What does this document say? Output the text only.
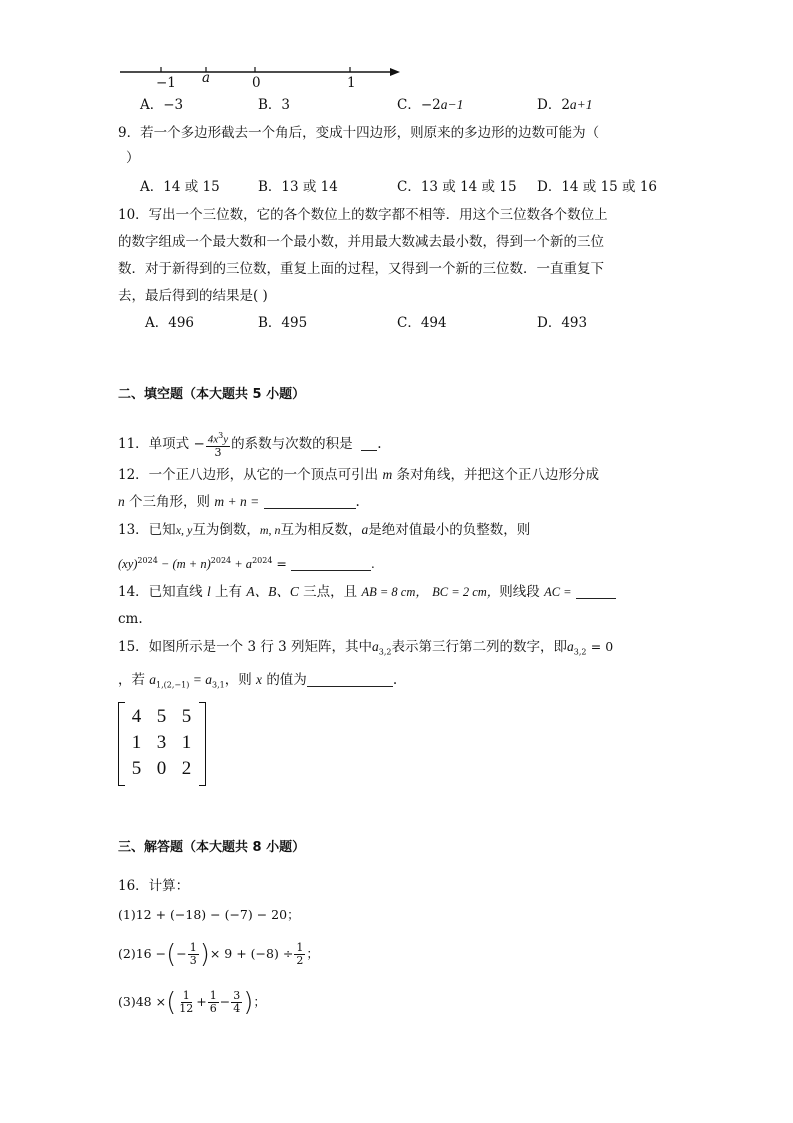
−1 a	0	1
A．−3	B．3	C．−2a−1	D．2a+1
9．若一个多边形截去一个角后，变成十四边形，则原来的多边形的边数可能为（
）
A．14 或 15	B．13 或 14	C．13 或 14 或 15 D．14 或 15 或 16
10．写出一个三位数，它的各个数位上的数字都不相等．用这个三位数各个数位上
的数字组成一个最大数和一个最小数，并用最大数减去最小数，得到一个新的三位
数．对于新得到的三位数，重复上面的过程，又得到一个新的三位数．一直重复下
去，最后得到的结果是( )
A．496	B．495	C．494	D．493
二、填空题（本大题共 5 小题）
11．单项式 − $\frac{4x^3y}{3}$ 的系数与次数的积是 .
12．一个正八边形，从它的一个顶点可引出 m 条对角线，并把这个正八边形分成
n 个三角形，则 m + n =	.
13．已知x, y互为倒数，m, n互为相反数，a是绝对值最小的负整数，则
$(xy)^{2024} - (m + n)^{2024} + a^{2024}$ =	.
14．已知直线 l 上有 A、B、C 三点，且 AB = 8 cm， BC = 2 cm，则线段 AC =
cm.
15．如图所示是一个 3 行 3 列矩阵，其中$a_{3,2}$表示第三行第二列的数字，即$a_{3,2} = 0$
，若 $a_{1,(2,-1)} = a_{3,1}$，则 x 的值为	.
4	5	5
1	3	1
5	0	2
三、解答题（本大题共 8 小题）
16．计算：
(1)12 + (−18) − (−7) − 20；
(2)16 −(− $\frac{1}{3}$ )× $9 + (-8) \div \frac{1}{2}$ ；
(3)48 ×( $\frac{1}{12} + \frac{1}{6} - \frac{3}{4}$ )；
